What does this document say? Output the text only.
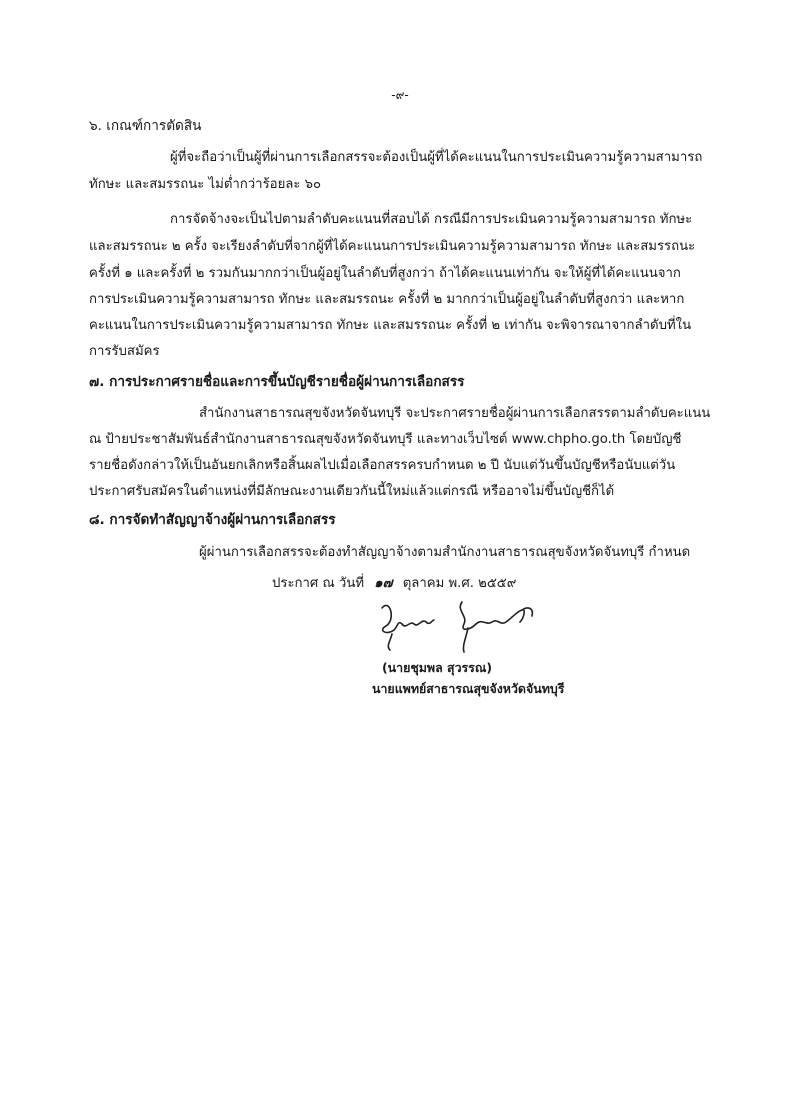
-๙-
๖. เกณฑ์การตัดสิน
ผู้ที่จะถือว่าเป็นผู้ที่ผ่านการเลือกสรรจะต้องเป็นผู้ที่ได้คะแนนในการประเมินความรู้ความสามารถ
ทักษะ และสมรรถนะ ไม่ต่ำกว่าร้อยละ ๖๐
การจัดจ้างจะเป็นไปตามลำดับคะแนนที่สอบได้ กรณีมีการประเมินความรู้ความสามารถ ทักษะ
และสมรรถนะ ๒ ครั้ง จะเรียงลำดับที่จากผู้ที่ได้คะแนนการประเมินความรู้ความสามารถ ทักษะ และสมรรถนะ
ครั้งที่ ๑ และครั้งที่ ๒ รวมกันมากกว่าเป็นผู้อยู่ในลำดับที่สูงกว่า ถ้าได้คะแนนเท่ากัน จะให้ผู้ที่ได้คะแนนจาก
การประเมินความรู้ความสามารถ ทักษะ และสมรรถนะ ครั้งที่ ๒ มากกว่าเป็นผู้อยู่ในลำดับที่สูงกว่า และหาก
คะแนนในการประเมินความรู้ความสามารถ ทักษะ และสมรรถนะ ครั้งที่ ๒ เท่ากัน จะพิจารณาจากลำดับที่ใน
การรับสมัคร
๗. การประกาศรายชื่อและการขึ้นบัญชีรายชื่อผู้ผ่านการเลือกสรร
สำนักงานสาธารณสุขจังหวัดจันทบุรี จะประกาศรายชื่อผู้ผ่านการเลือกสรรตามลำดับคะแนน
ณ ป้ายประชาสัมพันธ์สำนักงานสาธารณสุขจังหวัดจันทบุรี และทางเว็บไซต์ www.chpho.go.th โดยบัญชี
รายชื่อดังกล่าวให้เป็นอันยกเลิกหรือสิ้นผลไปเมื่อเลือกสรรครบกำหนด ๒ ปี นับแต่วันขึ้นบัญชีหรือนับแต่วัน
ประกาศรับสมัครในตำแหน่งที่มีลักษณะงานเดียวกันนี้ใหม่แล้วแต่กรณี หรืออาจไม่ขึ้นบัญชีก็ได้
๘. การจัดทำสัญญาจ้างผู้ผ่านการเลือกสรร
ผู้ผ่านการเลือกสรรจะต้องทำสัญญาจ้างตามสำนักงานสาธารณสุขจังหวัดจันทบุรี กำหนด
ประกาศ ณ วันที่ ๑๗ ตุลาคม พ.ศ. ๒๕๕๙
(นายชุมพล สุวรรณ)
นายแพทย์สาธารณสุขจังหวัดจันทบุรี
